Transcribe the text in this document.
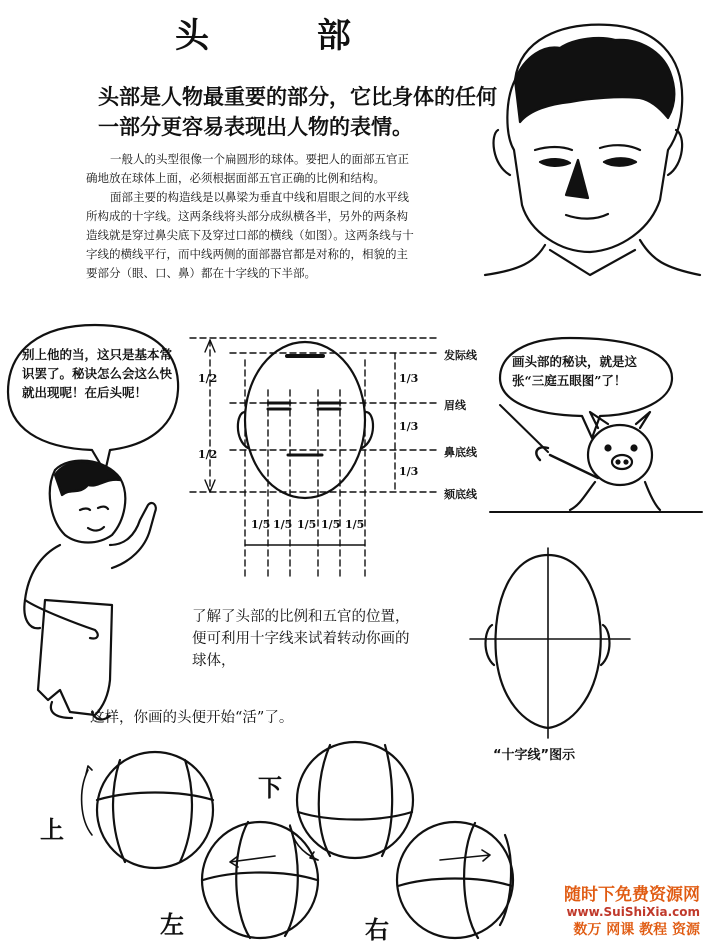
头 部
头部是人物最重要的部分，它比身体的任何一部分更容易表现出人物的表情。

一般人的头型很像一个扁圆形的球体。要把人的面部五官正确地放在球体上面，必须根据面部五官正确的比例和结构。

面部主要的构造线是以鼻梁为垂直中线和眉眼之间的水平线所构成的十字线。这两条线将头部分成纵横各半，另外的两条构造线就是穿过鼻尖底下及穿过口部的横线（如图）。这两条线与十字线的横线平行，而中线两侧的面部器官都是对称的，相貌的主要部分（眼、口、鼻）都在十字线的下半部。

1/2
1/2
1/3
1/3
1/3
发际线
眉线
鼻底线
颏底线
1/5 1/5 1/5 1/5 1/5
别上他的当，这只是基本常识罢了。秘诀怎么会这么快就出现呢！在后头呢！
画头部的秘诀，就是这张“三庭五眼图”了！
了解了头部的比例和五官的位置，便可利用十字线来试着转动你画的球体，
这样，你画的头便开始“活”了。
“十字线”图示
上
下
左	右
随时下免费资源网
www.SuiShiXia.com
数万 网课 教程 资源
